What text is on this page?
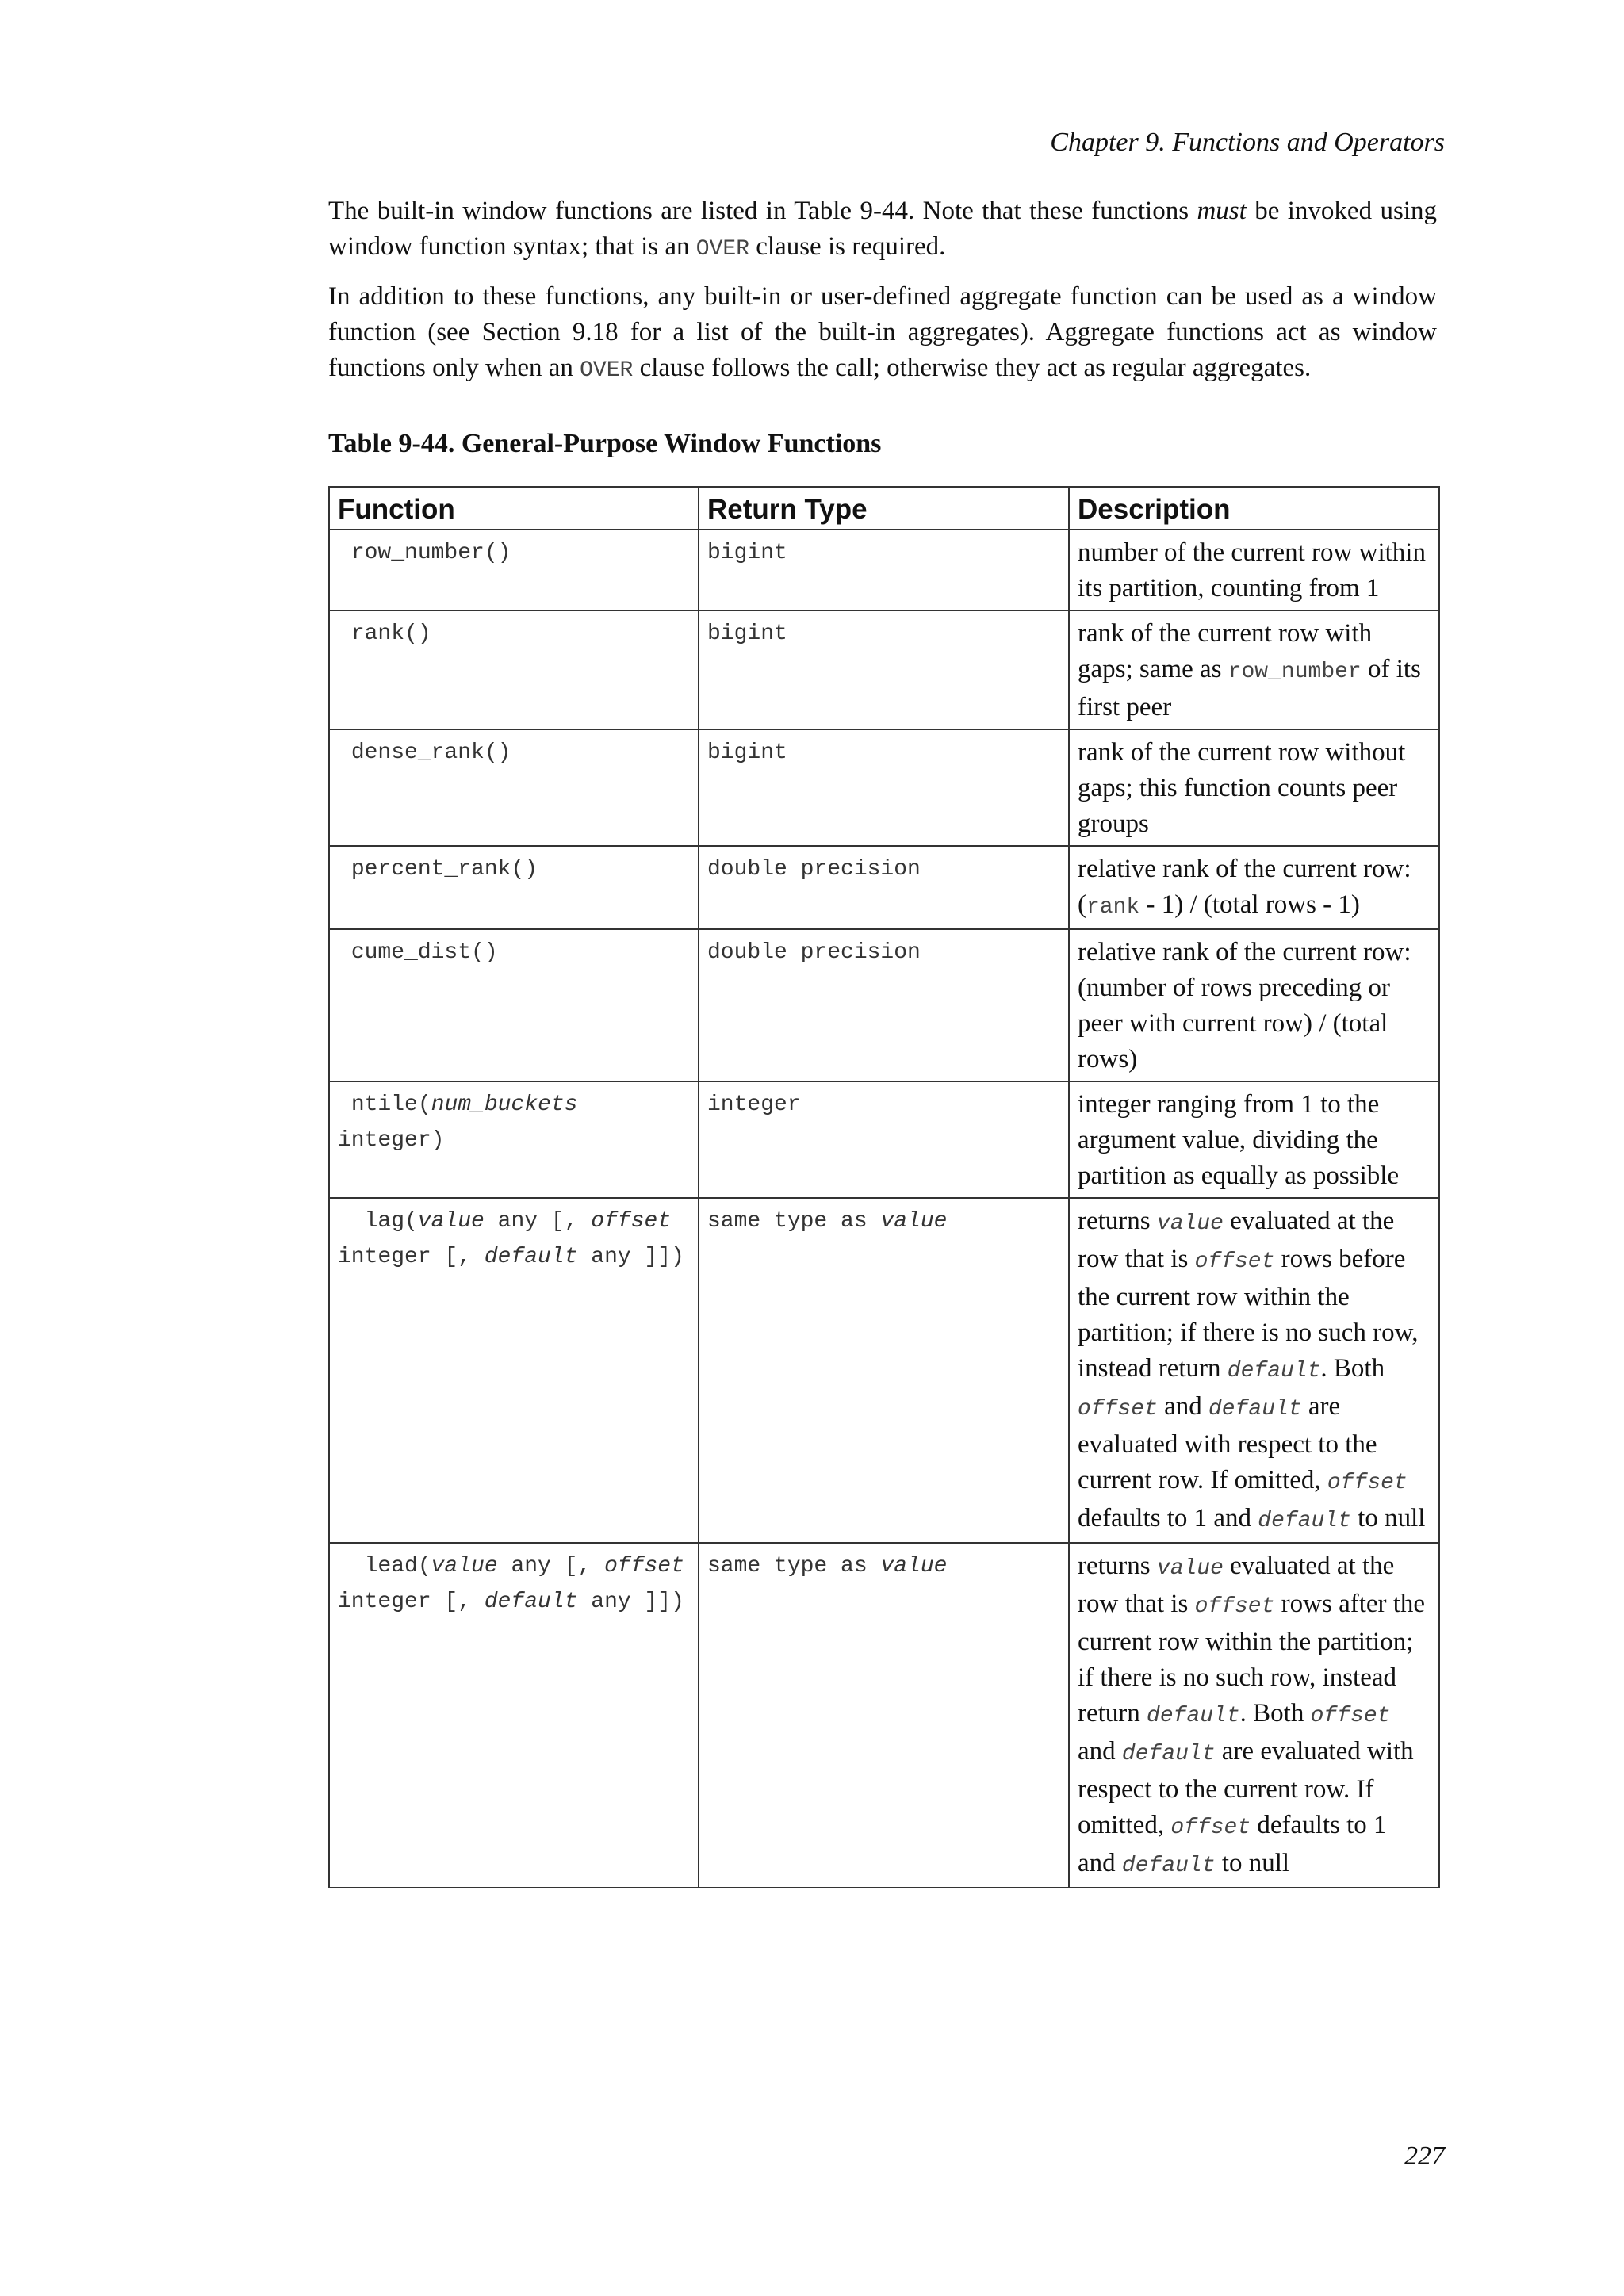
Chapter 9. Functions and Operators

The built-in window functions are listed in Table 9-44. Note that these functions must be invoked using window function syntax; that is an OVER clause is required.

In addition to these functions, any built-in or user-defined aggregate function can be used as a window function (see Section 9.18 for a list of the built-in aggregates). Aggregate functions act as window functions only when an OVER clause follows the call; otherwise they act as regular aggregates.

Table 9-44. General-Purpose Window Functions
Function	Return Type	Description
row_number()	bigint	number of the current row within its partition, counting from 1
rank()	bigint	rank of the current row with gaps; same as row_number of its first peer
dense_rank()	bigint	rank of the current row without gaps; this function counts peer groups
percent_rank()	double precision	relative rank of the current row: (rank - 1) / (total rows - 1)
cume_dist()	double precision	relative rank of the current row: (number of rows preceding or peer with current row) / (total rows)
ntile(num_buckets integer)	integer	integer ranging from 1 to the argument value, dividing the partition as equally as possible
lag(value any [, offset integer [, default any ]])	same type as value	returns value evaluated at the row that is offset rows before the current row within the partition; if there is no such row, instead return default. Both offset and default are evaluated with respect to the current row. If omitted, offset defaults to 1 and default to null
lead(value any [, offset integer [, default any ]])	same type as value	returns value evaluated at the row that is offset rows after the current row within the partition; if there is no such row, instead return default. Both offset and default are evaluated with respect to the current row. If omitted, offset defaults to 1 and default to null
227
